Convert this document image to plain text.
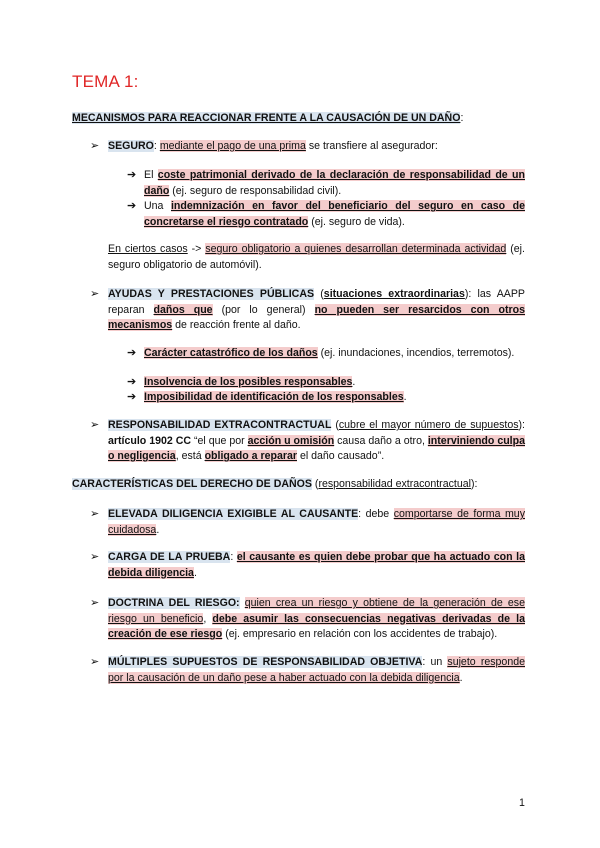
TEMA 1:
MECANISMOS PARA REACCIONAR FRENTE A LA CAUSACIÓN DE UN DAÑO:
➢ SEGURO: mediante el pago de una prima se transfiere al asegurador:
➔ El coste patrimonial derivado de la declaración de responsabilidad de un daño (ej. seguro de responsabilidad civil).
➔ Una indemnización en favor del beneficiario del seguro en caso de concretarse el riesgo contratado (ej. seguro de vida).
En ciertos casos -> seguro obligatorio a quienes desarrollan determinada actividad (ej. seguro obligatorio de automóvil).
➢ AYUDAS Y PRESTACIONES PÚBLICAS (situaciones extraordinarias): las AAPP reparan daños que (por lo general) no pueden ser resarcidos con otros mecanismos de reacción frente al daño.
➔ Carácter catastrófico de los daños (ej. inundaciones, incendios, terremotos).
➔ Insolvencia de los posibles responsables.
➔ Imposibilidad de identificación de los responsables.
➢ RESPONSABILIDAD EXTRACONTRACTUAL (cubre el mayor número de supuestos): artículo 1902 CC “el que por acción u omisión causa daño a otro, interviniendo culpa o negligencia, está obligado a reparar el daño causado”.
CARACTERÍSTICAS DEL DERECHO DE DAÑOS (responsabilidad extracontractual):
➢ ELEVADA DILIGENCIA EXIGIBLE AL CAUSANTE: debe comportarse de forma muy cuidadosa.
➢ CARGA DE LA PRUEBA: el causante es quien debe probar que ha actuado con la debida diligencia.
➢ DOCTRINA DEL RIESGO: quien crea un riesgo y obtiene de la generación de ese riesgo un beneficio, debe asumir las consecuencias negativas derivadas de la creación de ese riesgo (ej. empresario en relación con los accidentes de trabajo).
➢ MÚLTIPLES SUPUESTOS DE RESPONSABILIDAD OBJETIVA: un sujeto responde por la causación de un daño pese a haber actuado con la debida diligencia.
1
